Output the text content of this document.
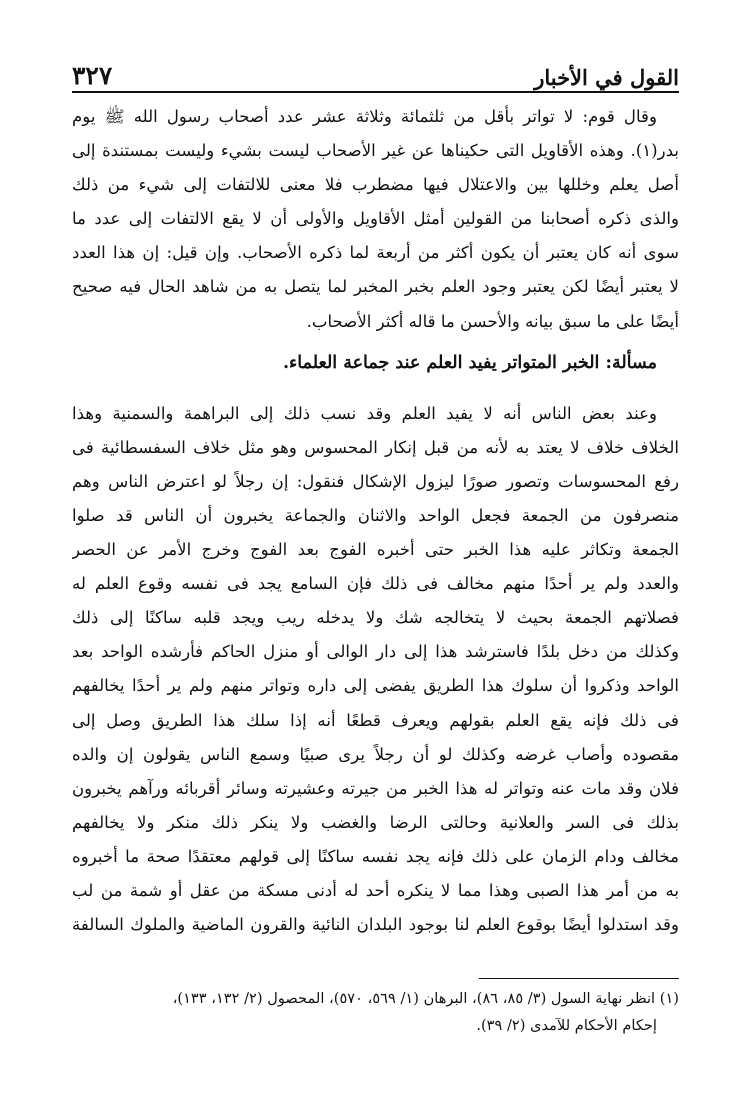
القول في الأخبار
٣٢٧
وقال قوم: لا تواتر بأقل من ثلثمائة وثلاثة عشر عدد أصحاب رسول الله ﷺ يوم
بدر(١). وهذه الأقاويل التى حكيناها عن غير الأصحاب ليست بشيء وليست بمستندة إلى
أصل يعلم وخللها بين والاعتلال فيها مضطرب فلا معنى للالتفات إلى شيء من ذلك
والذى ذكره أصحابنا من القولين أمثل الأقاويل والأولى أن لا يقع الالتفات إلى عدد ما
سوى أنه كان يعتبر أن يكون أكثر من أربعة لما ذكره الأصحاب. وإن قيل: إن هذا العدد
لا يعتبر أيضًا لكن يعتبر وجود العلم بخبر المخبر لما يتصل به من شاهد الحال فيه صحيح
أيضًا على ما سبق بيانه والأحسن ما قاله أكثر الأصحاب.
مسألة: الخبر المتواتر يفيد العلم عند جماعة العلماء.
وعند بعض الناس أنه لا يفيد العلم وقد نسب ذلك إلى البراهمة والسمنية وهذا
الخلاف خلاف لا يعتد به لأنه من قبل إنكار المحسوس وهو مثل خلاف السفسطائية فى
رفع المحسوسات وتصور صورًا ليزول الإشكال فنقول: إن رجلاً لو اعترض الناس وهم
منصرفون من الجمعة فجعل الواحد والاثنان والجماعة يخبرون أن الناس قد صلوا
الجمعة وتكاثر عليه هذا الخبر حتى أخبره الفوج بعد الفوج وخرج الأمر عن الحصر
والعدد ولم ير أحدًا منهم مخالف فى ذلك فإن السامع يجد فى نفسه وقوع العلم له
فصلاتهم الجمعة بحيث لا يتخالجه شك ولا يدخله ريب ويجد قلبه ساكنًا إلى ذلك
وكذلك من دخل بلدًا فاسترشد هذا إلى دار الوالى أو منزل الحاكم فأرشده الواحد بعد
الواحد وذكروا أن سلوك هذا الطريق يفضى إلى داره وتواتر منهم ولم ير أحدًا يخالفهم
فى ذلك فإنه يقع العلم بقولهم ويعرف قطعًا أنه إذا سلك هذا الطريق وصل إلى
مقصوده وأصاب غرضه وكذلك لو أن رجلاً يرى صبيًا وسمع الناس يقولون إن والده
فلان وقد مات عنه وتواتر له هذا الخبر من جيرته وعشيرته وسائر أقربائه ورآهم يخبرون
بذلك فى السر والعلانية وحالتى الرضا والغضب ولا ينكر ذلك منكر ولا يخالفهم
مخالف ودام الزمان على ذلك فإنه يجد نفسه ساكنًا إلى قولهم معتقدًا صحة ما أخبروه
به من أمر هذا الصبى وهذا مما لا ينكره أحد له أدنى مسكة من عقل أو شمة من لب
وقد استدلوا أيضًا بوقوع العلم لنا بوجود البلدان النائية والقرون الماضية والملوك السالفة
(١) انظر نهاية السول (٣/ ٨٥، ٨٦)، البرهان (١/ ٥٦٩، ٥٧٠)، المحصول (٢/ ١٣٢، ١٣٣)،
إحكام الأحكام للآمدى (٢/ ٣٩).
